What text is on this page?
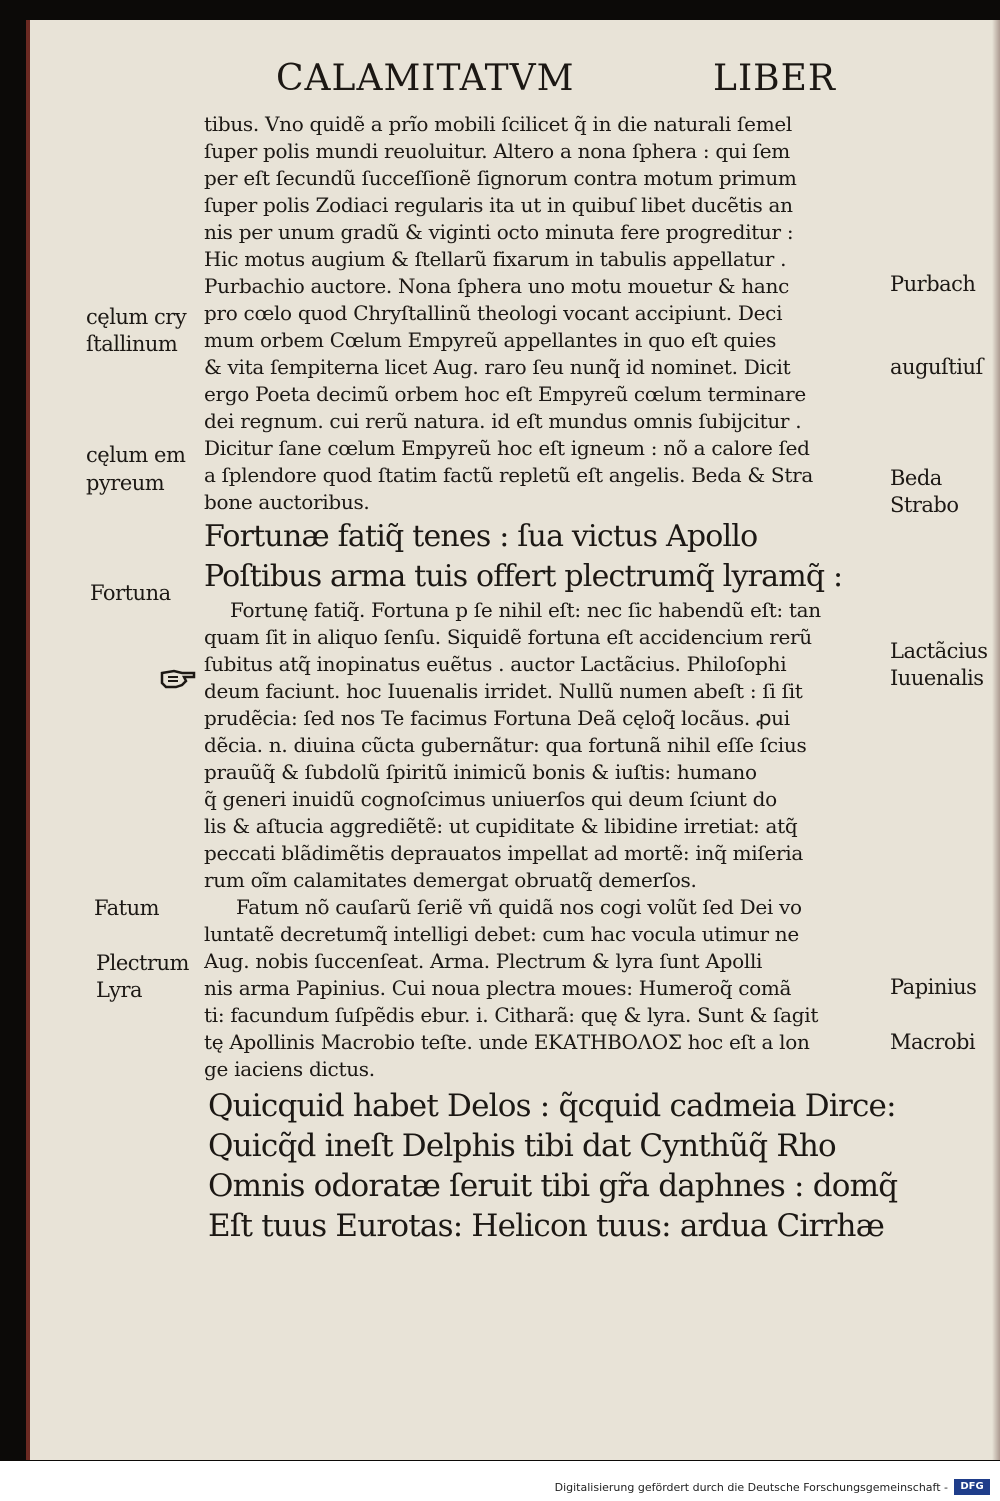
CALAMITATVM	LIBER
tibus. Vno quidẽ a prĩo mobili ſcilicet q̃ in die naturali ſemel
ſuper polis mundi reuoluitur. Altero a nona ſphera : qui ſem
per eſt ſecundũ ſucceſſionẽ ſignorum contra motum primum
ſuper polis Zodiaci regularis ita ut in quibuſ libet ducẽtis an
nis per unum gradũ & viginti octo minuta fere progreditur :
Hic motus augium & ſtellarũ fixarum in tabulis appellatur .
Purbachio auctore. Nona ſphera uno motu mouetur & hanc
pro cœlo quod Chryſtallinũ theologi vocant accipiunt. Deci
mum orbem Cœlum Empyreũ appellantes in quo eſt quies
& vita ſempiterna licet Aug. raro ſeu nunq̃ id nominet. Dicit
ergo Poeta decimũ orbem hoc eſt Empyreũ cœlum terminare
dei regnum. cui rerũ natura. id eſt mundus omnis ſubijcitur .
Dicitur ſane cœlum Empyreũ hoc eſt igneum : nõ a calore ſed
a ſplendore quod ſtatim factũ repletũ eſt angelis. Beda & Stra
bone auctoribus.
Fortunæ fatiq̃ tenes : ſua victus Apollo
Poſtibus arma tuis offert plectrumq̃ lyramq̃ :
Fortunę fatiq̃. Fortuna p ſe nihil eſt: nec ſic habendũ eſt: tan
quam ſit in aliquo ſenſu. Siquidẽ fortuna eſt accidencium rerũ
ſubitus atq̃ inopinatus euẽtus . auctor Lactãcius. Philoſophi
deum faciunt. hoc Iuuenalis irridet. Nullũ numen abeſt : ſi ſit
prudẽcia: ſed nos Te facimus Fortuna Deã cęloq̃ locãus. ꝓui
dẽcia. n. diuina cũcta gubernãtur: qua fortunã nihil eſſe ſcius
prauũq̃ & ſubdolũ ſpiritũ inimicũ bonis & iuſtis: humano
q̃ generi inuidũ cognoſcimus uniuerſos qui deum ſciunt do
lis & aſtucia aggrediẽtẽ: ut cupiditate & libidine irretiat: atq̃
peccati blãdimẽtis deprauatos impellat ad mortẽ: inq̃ miſeria
rum oĩm calamitates demergat obruatq̃ demerſos.
Fatum nõ cauſarũ ſeriẽ vñ quidã nos cogi volũt ſed Dei vo
luntatẽ decretumq̃ intelligi debet: cum hac vocula utimur ne
Aug. nobis ſuccenſeat. Arma. Plectrum & lyra ſunt Apolli
nis arma Papinius. Cui noua plectra moues: Humeroq̃ comã
ti: facundum ſuſpẽdis ebur. i. Citharã: quę & lyra. Sunt & ſagit
tę Apollinis Macrobio teſte. unde ΕΚΑΤΗΒΟΛΟΣ hoc eſt a lon
ge iaciens dictus.
Quicquid habet Delos : q̃cquid cadmeia Dirce:
Quicq̃d ineſt Delphis tibi dat Cynthũq̃ Rho
Omnis odoratæ ſeruit tibi gr̃a daphnes : domq̃
Eſt tuus Eurotas: Helicon tuus: ardua Cirrhæ
cęlum cry
ſtallinum
cęlum em
pyreum
Fortuna
Fatum
Plectrum
Lyra
Purbach
auguſtiuſ
Beda
Strabo
Lactãcius
Iuuenalis
Papinius
Macrobi
Digitalisierung gefördert durch die Deutsche Forschungsgemeinschaft -	DFG
